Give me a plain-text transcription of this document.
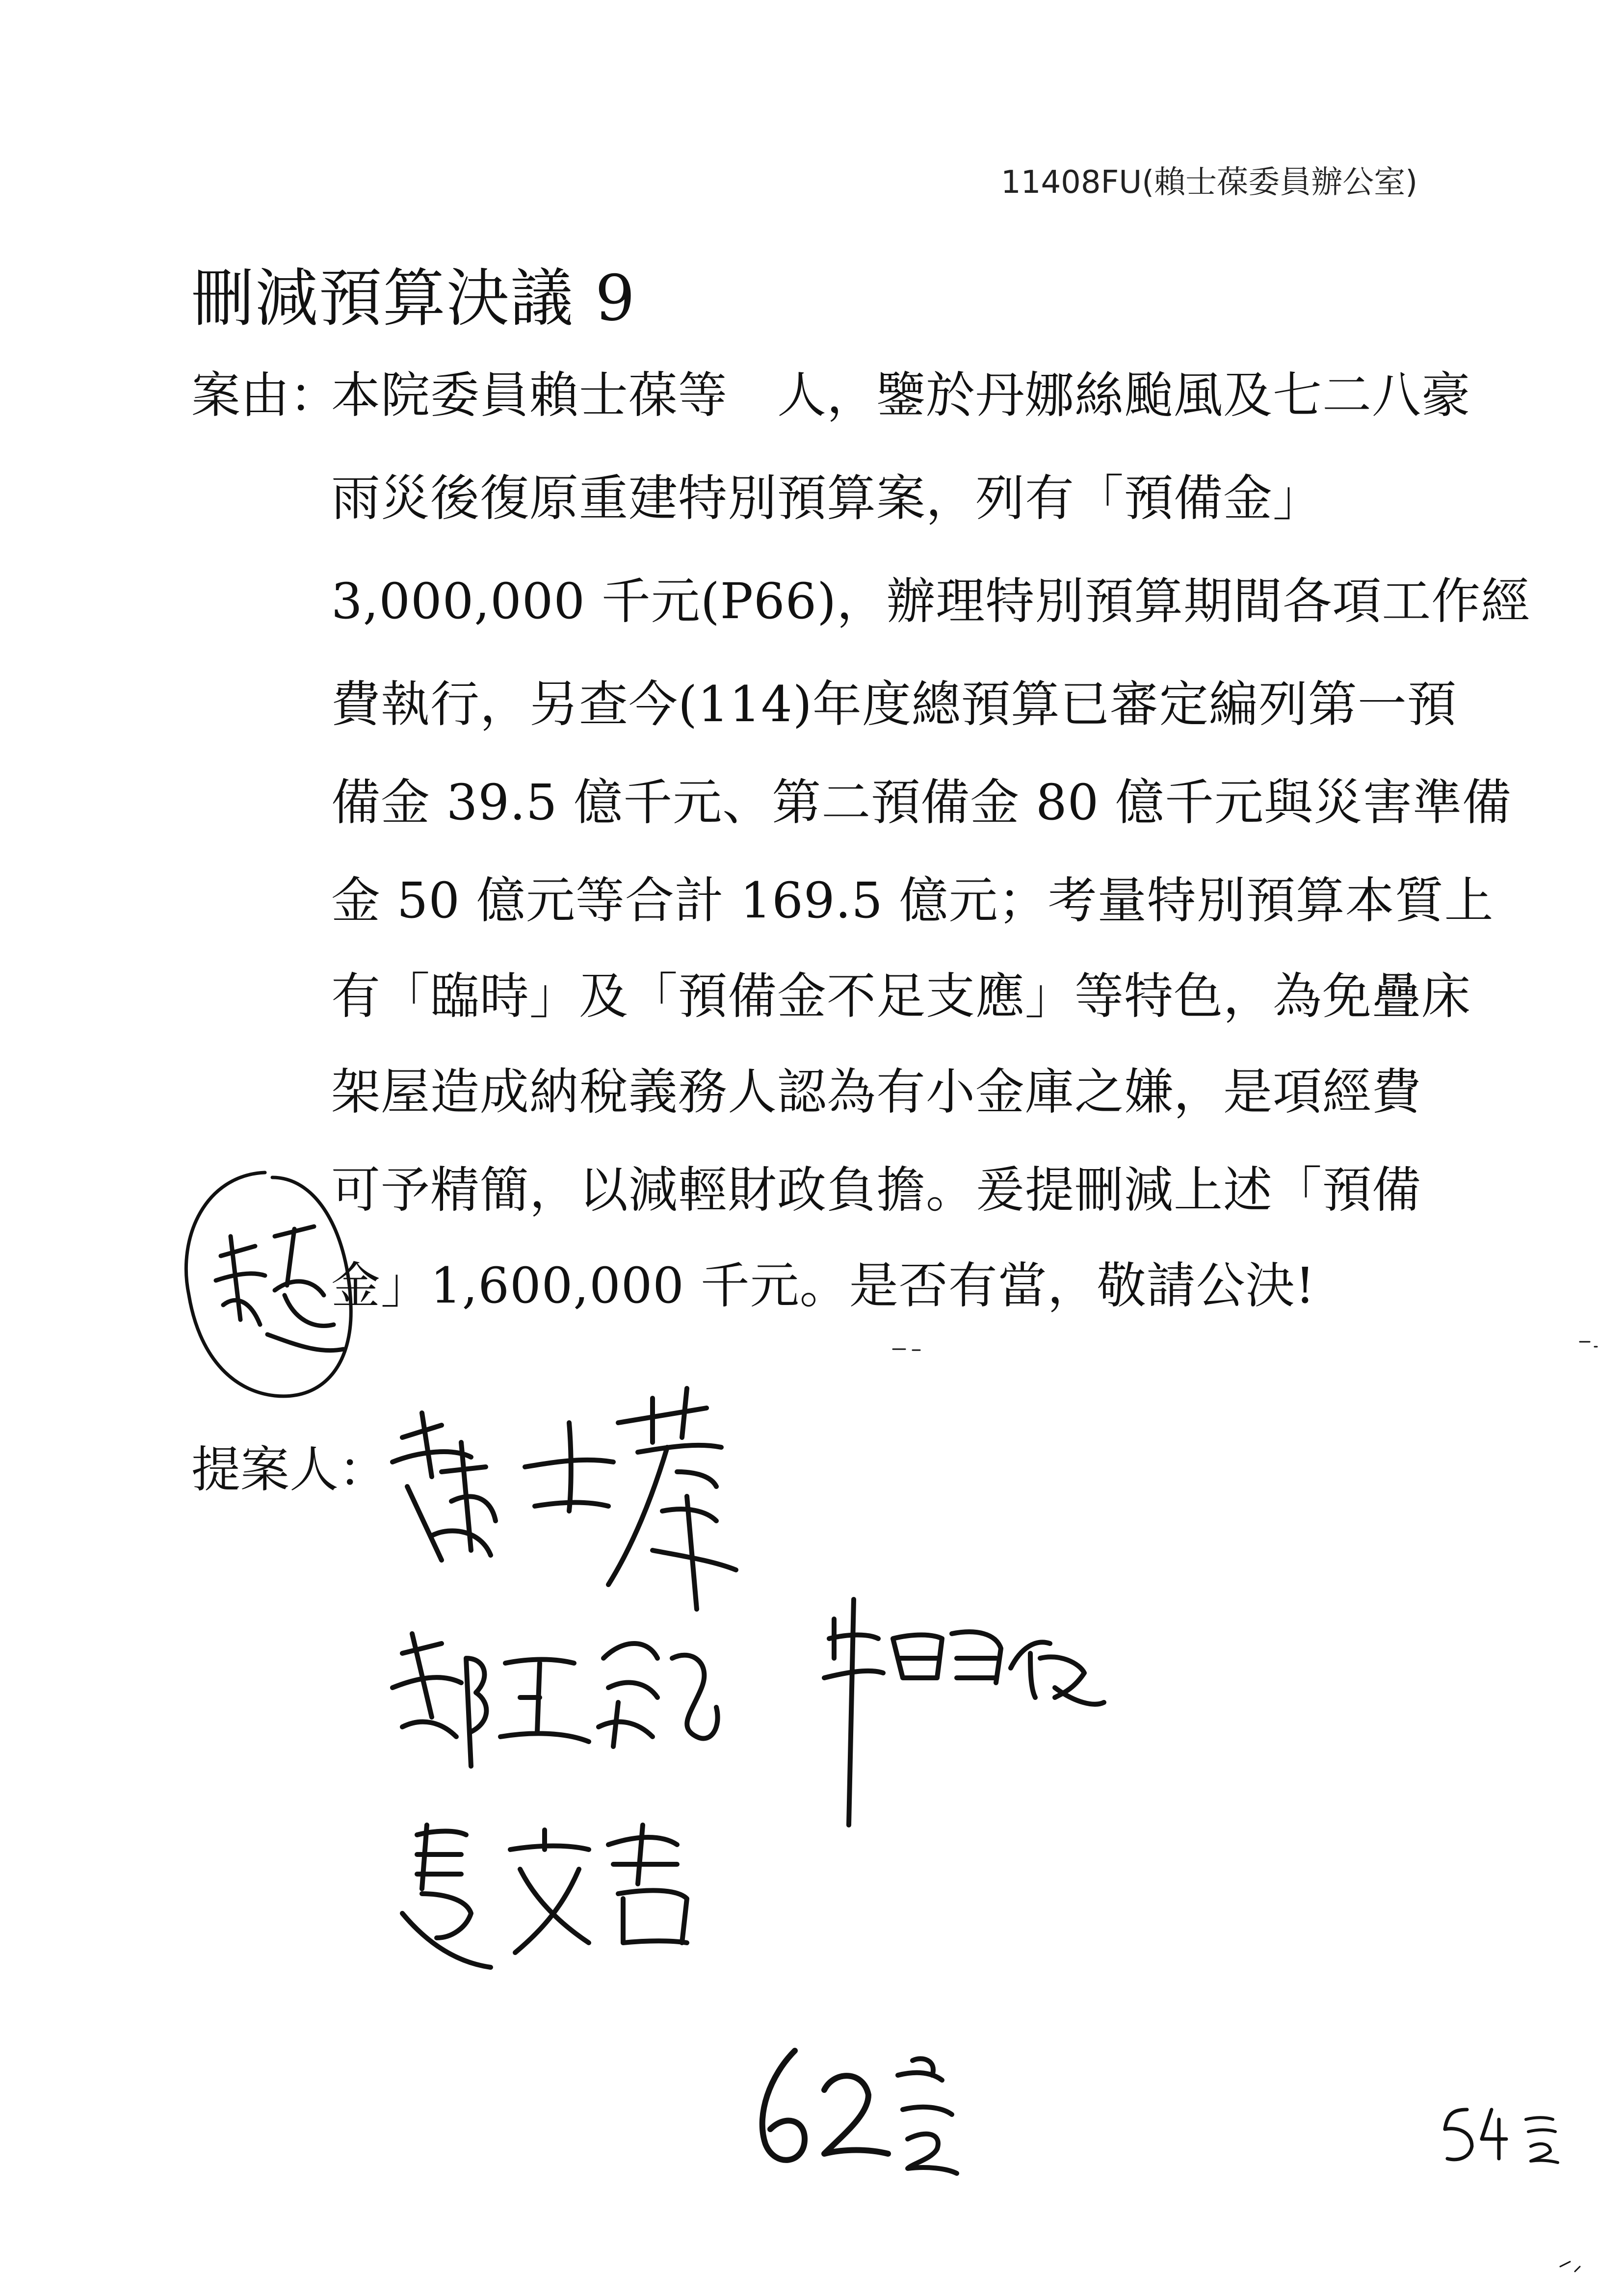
11408FU(賴士葆委員辦公室)
刪減預算決議 9
案由：
本院委員賴士葆等　人，鑒於丹娜絲颱風及七二八豪
雨災後復原重建特別預算案，列有「預備金」
3,000,000 千元(P66)，辦理特別預算期間各項工作經
費執行，另查今(114)年度總預算已審定編列第一預
備金 39.5 億千元、第二預備金 80 億千元與災害準備
金 50 億元等合計 169.5 億元；考量特別預算本質上
有「臨時」及「預備金不足支應」等特色，為免疊床
架屋造成納稅義務人認為有小金庫之嫌，是項經費
可予精簡，以減輕財政負擔。爰提刪減上述「預備
金」1,600,000 千元。是否有當，敬請公決!
提案人：
